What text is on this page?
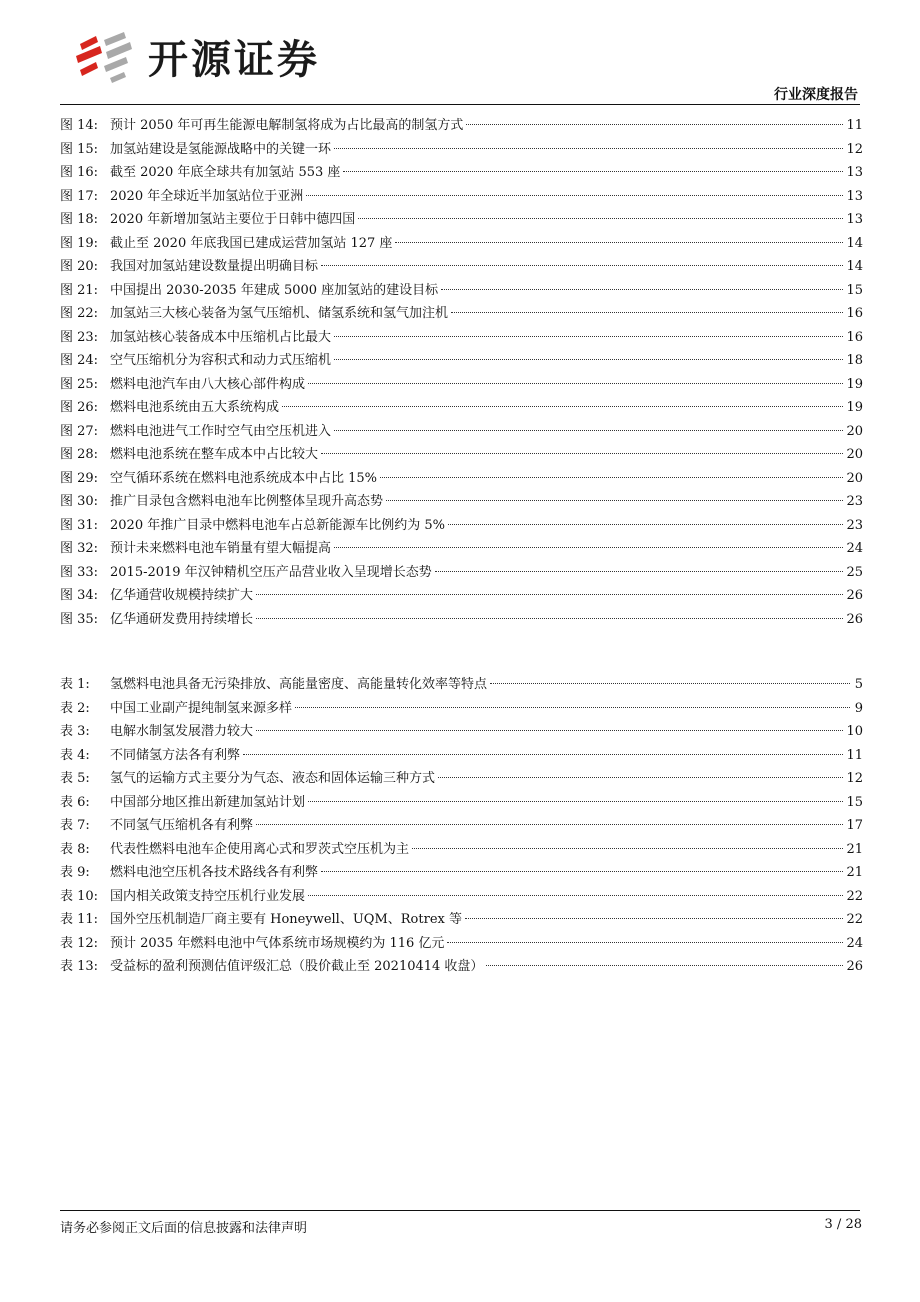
开源证券
行业深度报告
图 14: 预计 2050 年可再生能源电解制氢将成为占比最高的制氢方式	11
图 15: 加氢站建设是氢能源战略中的关键一环	12
图 16: 截至 2020 年底全球共有加氢站 553 座	13
图 17: 2020 年全球近半加氢站位于亚洲	13
图 18: 2020 年新增加氢站主要位于日韩中德四国	13
图 19: 截止至 2020 年底我国已建成运营加氢站 127 座	14
图 20: 我国对加氢站建设数量提出明确目标	14
图 21: 中国提出 2030-2035 年建成 5000 座加氢站的建设目标	15
图 22: 加氢站三大核心装备为氢气压缩机、储氢系统和氢气加注机	16
图 23: 加氢站核心装备成本中压缩机占比最大	16
图 24: 空气压缩机分为容积式和动力式压缩机	18
图 25: 燃料电池汽车由八大核心部件构成	19
图 26: 燃料电池系统由五大系统构成	19
图 27: 燃料电池进气工作时空气由空压机进入	20
图 28: 燃料电池系统在整车成本中占比较大	20
图 29: 空气循环系统在燃料电池系统成本中占比 15%	20
图 30: 推广目录包含燃料电池车比例整体呈现升高态势	23
图 31: 2020 年推广目录中燃料电池车占总新能源车比例约为 5%	23
图 32: 预计未来燃料电池车销量有望大幅提高	24
图 33: 2015-2019 年汉钟精机空压产品营业收入呈现增长态势	25
图 34: 亿华通营收规模持续扩大	26
图 35: 亿华通研发费用持续增长	26
表 1:	氢燃料电池具备无污染排放、高能量密度、高能量转化效率等特点	5
表 2:	中国工业副产提纯制氢来源多样	9
表 3:	电解水制氢发展潜力较大	10
表 4:	不同储氢方法各有利弊	11
表 5:	氢气的运输方式主要分为气态、液态和固体运输三种方式	12
表 6:	中国部分地区推出新建加氢站计划	15
表 7:	不同氢气压缩机各有利弊	17
表 8:	代表性燃料电池车企使用离心式和罗茨式空压机为主	21
表 9:	燃料电池空压机各技术路线各有利弊	21
表 10: 国内相关政策支持空压机行业发展	22
表 11: 国外空压机制造厂商主要有 Honeywell、UQM、Rotrex 等	22
表 12: 预计 2035 年燃料电池中气体系统市场规模约为 116 亿元	24
表 13: 受益标的盈利预测估值评级汇总（股价截止至 20210414 收盘）	26
请务必参阅正文后面的信息披露和法律声明	3 / 28
